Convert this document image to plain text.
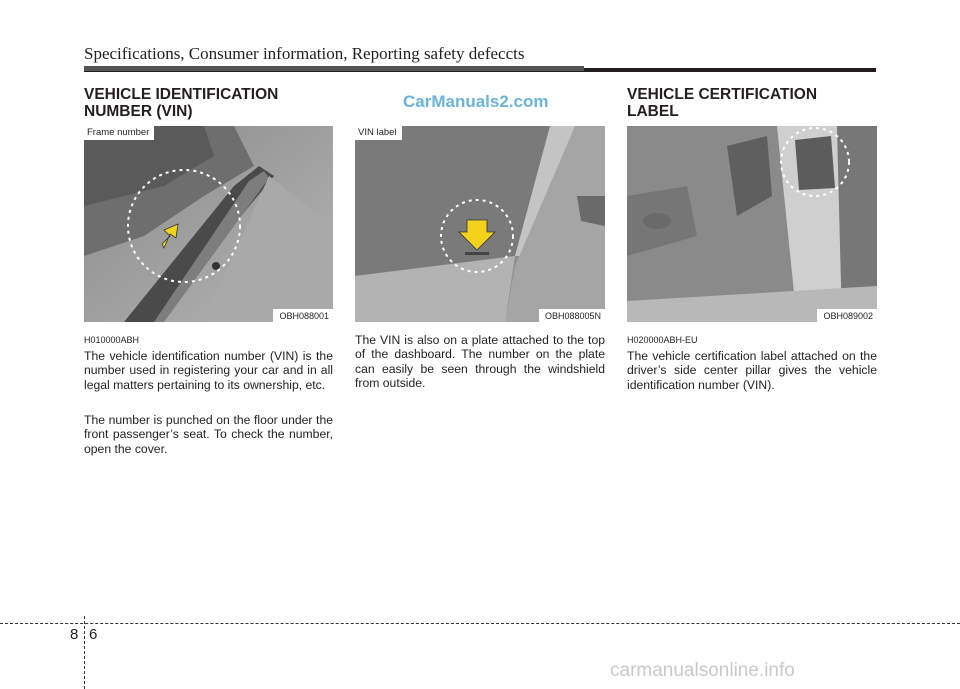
Specifications, Consumer information, Reporting safety defeccts
CarManuals2.com
VEHICLE IDENTIFICATION
NUMBER (VIN)
Frame number
OBH088001
H010000ABH
The vehicle identification number (VIN) is the number used in registering your car and in all legal matters pertaining to its ownership, etc.
The number is punched on the floor under the front passenger’s seat. To check the number, open the cover.
VIN label
OBH088005N
The VIN is also on a plate attached to the top of the dashboard. The number on the plate can easily be seen through the windshield from outside.
VEHICLE CERTIFICATION
LABEL
OBH089002
H020000ABH-EU
The vehicle certification label attached on the driver’s side center pillar gives the vehicle identification number (VIN).
8 6
carmanualsonline.info
